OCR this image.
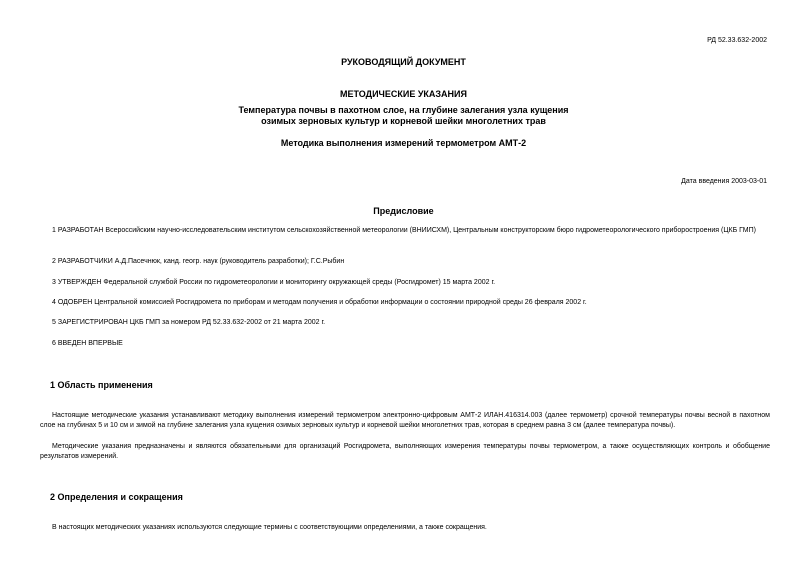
РД 52.33.632-2002
РУКОВОДЯЩИЙ ДОКУМЕНТ
МЕТОДИЧЕСКИЕ УКАЗАНИЯ
Температура почвы в пахотном слое, на глубине залегания узла кущения
озимых зерновых культур и корневой шейки многолетних трав
Методика выполнения измерений термометром АМТ-2
Дата введения 2003-03-01
Предисловие
1 РАЗРАБОТАН Всероссийским научно-исследовательским институтом сельскохозяйственной метеорологии (ВНИИСХМ), Центральным конструкторским бюро гидрометеорологического приборостроения (ЦКБ ГМП)
2 РАЗРАБОТЧИКИ А.Д.Пасечнюк, канд. геогр. наук (руководитель разработки); Г.С.Рыбин
3 УТВЕРЖДЕН Федеральной службой России по гидрометеорологии и мониторингу окружающей среды (Росгидромет) 15 марта 2002 г.
4 ОДОБРЕН Центральной комиссией Росгидромета по приборам и методам получения и обработки информации о состоянии природной среды 26 февраля 2002 г.
5 ЗАРЕГИСТРИРОВАН ЦКБ ГМП за номером РД 52.33.632-2002 от 21 марта 2002 г.
6 ВВЕДЕН ВПЕРВЫЕ
1 Область применения
Настоящие методические указания устанавливают методику выполнения измерений термометром электронно-цифровым АМТ-2 ИЛАН.416314.003 (далее термометр) срочной температуры почвы весной в пахотном слое на глубинах 5 и 10 см и зимой на глубине залегания узла кущения озимых зерновых культур и корневой шейки многолетних трав, которая в среднем равна 3 см (далее температура почвы).
Методические указания предназначены и являются обязательными для организаций Росгидромета, выполняющих измерения температуры почвы термометром, а также осуществляющих контроль и обобщение результатов измерений.
2 Определения и сокращения
В настоящих методических указаниях используются следующие термины с соответствующими определениями, а также сокращения.
